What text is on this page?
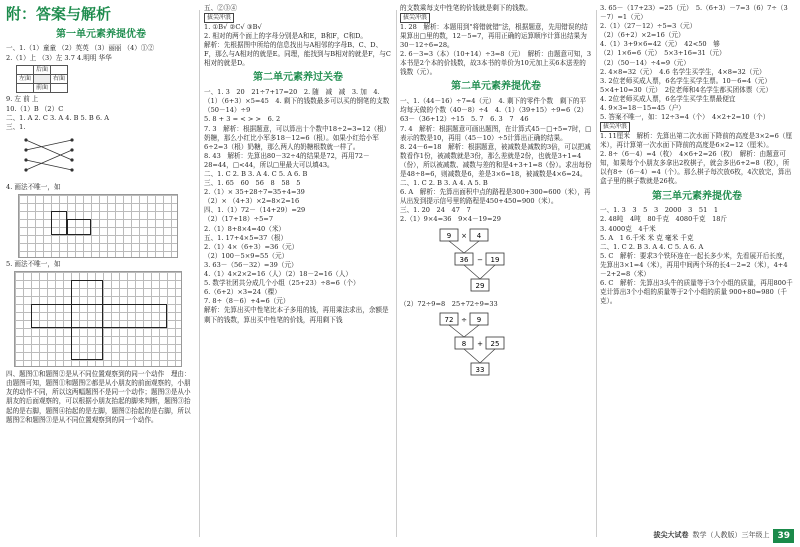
附：答案与解析
第一单元素养提优卷
一、1.（1）童童 （2）英英 （3）丽丽 （4）①②
2.（1）上 （3）左 3.7 4.明明 华华
	后面	
左面		右面
	前面	
9. 左 前 上
10.（1）B （2）C
二、1. A 2. C 3. A 4. B 5. B 6. A
三、1.
4. 画法不唯一，如
5. 画法不唯一，如
四、题图①和题图②是从不同位置观察到的同一个动作　理由：由题图可知，题图①和题图②都是从小朋友的前面观察的，小朋友的动作不同，所以这两幅题图不是同一个动作；题图③是从小朋友的后面观察的，可以根据小朋友抬起的脚来判断，题图③抬起的是右脚，题图④抬起的是左脚，题图②抬起的是右脚，所以题图②和题图③是从不同位置观察到的同一个动作。
五、②③④
拔尖冲浪
1. ①B√ ②C√ ③B√
2. 相对的两个面上的字母分别是A和E，B和F，C和D。
解析：先根据图中所给的信息找出与A相邻的字母B、C、D、F，那么与A相对的就是E。同理，能找到与B相对的就是F，与C相对的就是D。
第二单元素养过关卷
一、1. 3　20　21÷7+17=20　2. 随　减　减　3. 加　4.（1）（6+3）×5=45　4. 剩下的钱数最多可以买的钢笔的支数　（50－14）÷9
5. 8 + 3 = < > >　6. 2
7. 3　解析：根据题意，可以算出十个数中18÷2=3=12（根）奶糖，那么小红比小军多18－12=6（根）。如果小红给小军6÷2=3（根）奶糖，那么两人的奶糖根数就一样了。
8. 43　解析：先算出80－32÷4的结果是72，再用72－28=44，□<44，所以□里最大可以填43。
二、1. C 2. B 3. A 4. C 5. A 6. B
三、1. 65　60　56　8　58　5
2.（1）× 35+28÷7=35+4=39
（2）× （4+3）×2=8×2=16
四、1.（1）72－（14+29）=29
（2）（17+18）÷5=7
2.（1）8+8×4=40（米）
五、1. 17+4×5=37（根）
2.（1）4×（6+3）=36（元）
（2）100－5×9=55（元）
3. 63－（56－32）=39（元）
4.（1）4×2×2=16（人）（2）18－2=16（人）
5. 数学社团共分成几个小组（25+23）÷8=6（个）
6.（6+2）×3=24（棵）
7. 8÷（8－6）+4=6（元）
解析：先算出买中性笔比本子多用的钱，再用乘法求出，余额是剩下的钱数，算出买中性笔的价钱，再用剩下钱
的支数乘每支中性笔的价钱就是剩下的钱数。
拔尖冲浪
1. 28　解析：本题用到"将错就错"法，根据题意，先用错误的结果算出□里的数，12－5=7，再用正确的运算顺序计算出结果为30－12÷6=28。
2. 6－3=3（本）（10+14）÷3=8（元）　解析：由题意可知，3本书是2个本的价钱数，故3本书的单价为10元加上买6本送差的钱数（元）。
第二单元素养提优卷
一、1.（44－16）÷7=4（元）　4. 剩下的零件个数　剩下的平均每天做的个数（40－8）÷4　4.（1）（39+15）÷9=6（2）63－（36+12）÷15　5. 7　6. 3　7　46
7. 4　解析：根据题意可画出题图，在计算式45－□+5=7时，□表示的数是10，再用（45－10）÷5计算出正确的结果。
8. 24－6=18　解析：根据题意，被减数是减数的3倍，可以把减数看作1份，被减数就是3份，那么差就是2份，也就是3+1=4（份），所以被减数、减数与差的和是4+3+1=8（份）。求出每份是48÷8=6，则减数是6，差是3×6=18，被减数是4×6=24。
二、1. C 2. B 3. A 4. A 5. B
6. A　解析：先算出面积中点的路程是300+300=600（米），再从出发到提示信号里的路程是450+450=900（米）。
三、1. 20　24　47　7
2.（1）9×4=36　9×4－19=29
9 × 4
36 − 19
29
（2）72÷9=8　25+72÷9=33
72 ÷ 9
8 + 25
33
3. 65－（17+23）=25（元）　5.（6+3）－7=3（6）7÷（3－7）=1（元）
2.（1）（27－12）÷5=3（元）
（2）（6+2）×2=16（元）
4.（1）3+9×6=42（元）　42<50　够
（2）1×6=6（元）　5×3+16=31（元）
（2）（50－14）÷4=9（元）
2. 4×8=32（元）　4.6 名学生买学生，4×8=32（元）
3. 2位老师买成人票，6名学生买学生票。10－6=4（元）　5×4+10=30（元）　2位老师和4名学生都买团体票（元）
4. 2位老师买成人票，6名学生买学生票最便宜
4. 9×3=18－15=45（户）
5. 答案不唯一，如：12÷3=4（个）　4×2+2=10（个）
拔尖冲浪
1. 11厘米　解析：先算出第二次水面下降前的高度是3×2=6（厘米），再计算第一次水面下降前的高度是6×2=12（厘米）。
2. 8÷（6－4）=4（枚）　4×6+2=26（枚）　解析：由题意可知，如果每个小朋友多拿出2枚棋子，就会多出6+2=8（枚），所以有8÷（6－4）=4（个）。那么棋子每次放6枚，4次放完，算出盒子里的棋子数就是26枚。
第三单元素养提优卷
一、1. 3　3　5　3　2000　3　51　1
2. 48吨　4吨　80千克　4080千克　18斤
3. 4000克　4千米
5. A　1 6.千米 米 克 毫米 千克
二、1. C 2. B 3. A 4. C 5. A 6. A
5. C　解析：要求3个铁环连在一起长多少米，先看展开后长度，先算出3×1=4（米），再用中间两个环的长4－2=2（米），4+4－2+2=8（米）
6. C　解析：先算出3头牛的质量等于3个小组的质量，再用800千克计算出3个小组的质量等于2个小组的质量 900+80=980（千克）。
拔尖大试卷 数学（人教版）三年级上 39
